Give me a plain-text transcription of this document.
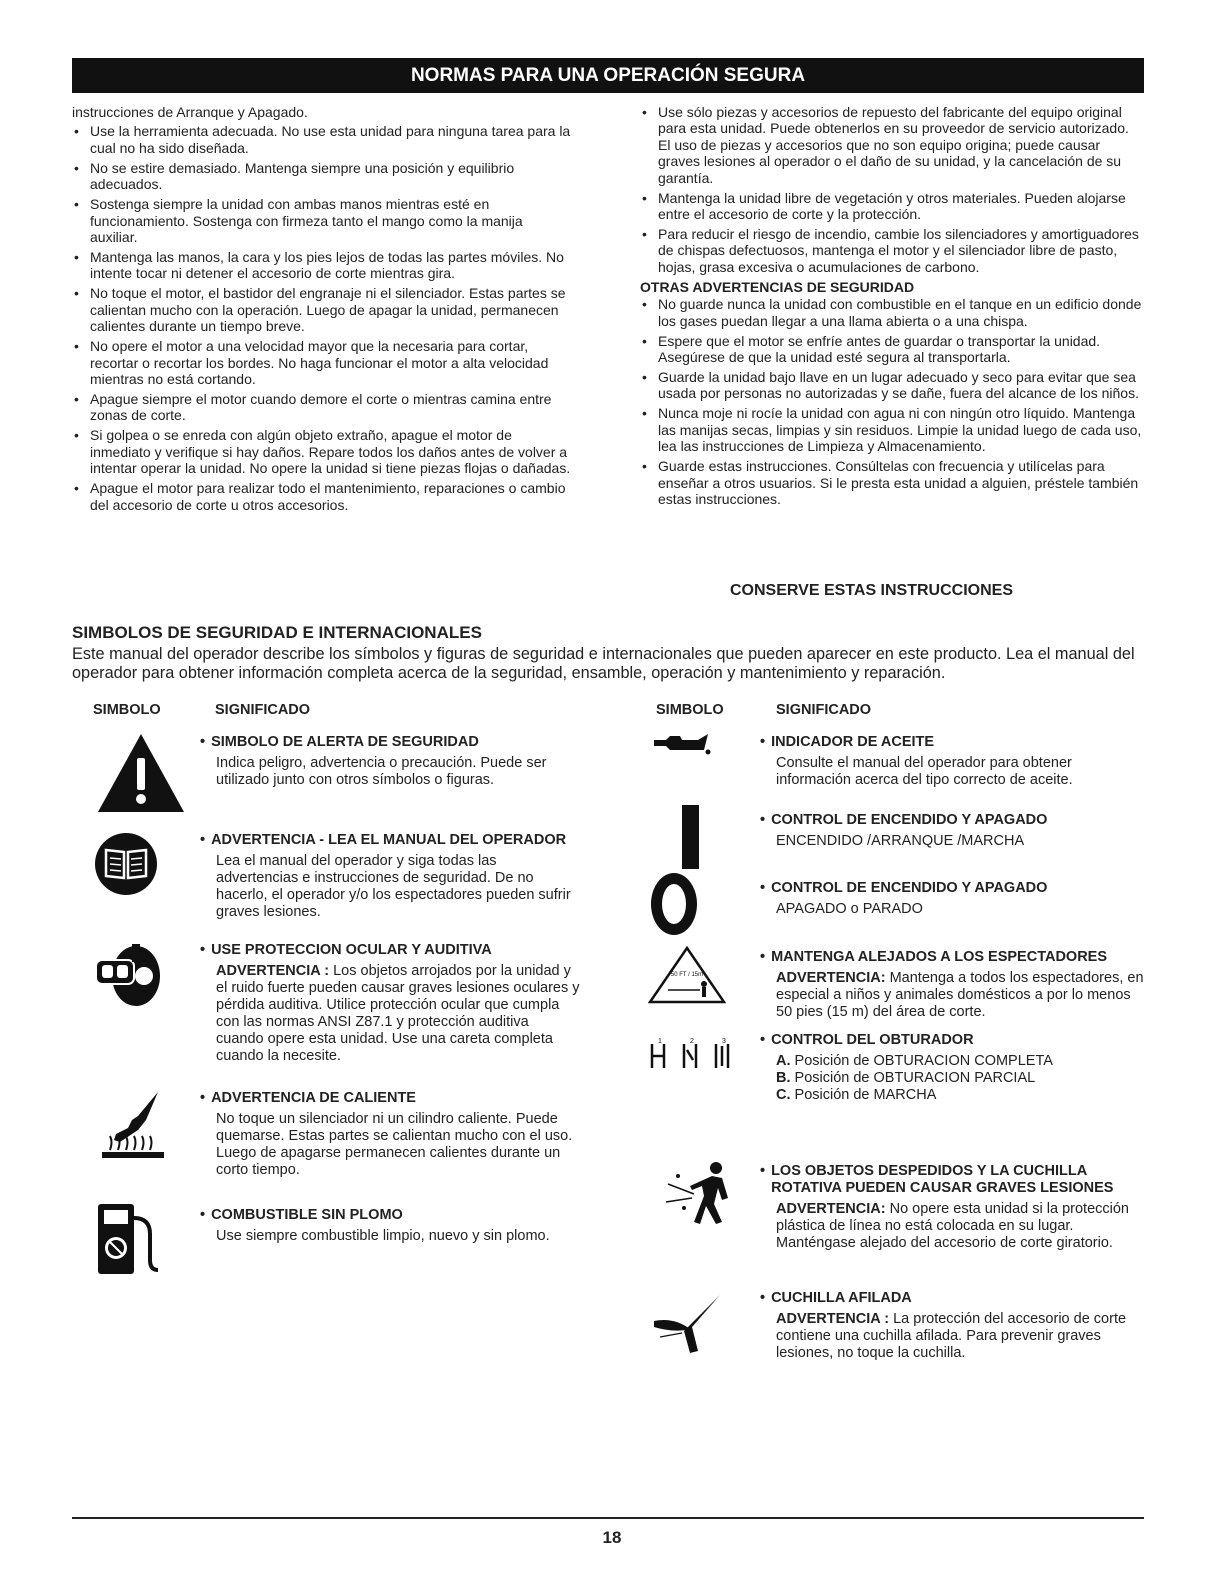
NORMAS PARA UNA OPERACIÓN SEGURA

instrucciones de Arranque y Apagado.

• Use la herramienta adecuada. No use esta unidad para ninguna tarea para la cual no ha sido diseñada.
• No se estire demasiado. Mantenga siempre una posición y equilibrio adecuados.
• Sostenga siempre la unidad con ambas manos mientras esté en funcionamiento. Sostenga con firmeza tanto el mango como la manija auxiliar.
• Mantenga las manos, la cara y los pies lejos de todas las partes móviles. No intente tocar ni detener el accesorio de corte mientras gira.
• No toque el motor, el bastidor del engranaje ni el silenciador. Estas partes se calientan mucho con la operación. Luego de apagar la unidad, permanecen calientes durante un tiempo breve.
• No opere el motor a una velocidad mayor que la necesaria para cortar, recortar o recortar los bordes. No haga funcionar el motor a alta velocidad mientras no está cortando.
• Apague siempre el motor cuando demore el corte o mientras camina entre zonas de corte.
• Si golpea o se enreda con algún objeto extraño, apague el motor de inmediato y verifique si hay daños. Repare todos los daños antes de volver a intentar operar la unidad. No opere la unidad si tiene piezas flojas o dañadas.
• Apague el motor para realizar todo el mantenimiento, reparaciones o cambio del accesorio de corte u otros accesorios.
• Use sólo piezas y accesorios de repuesto del fabricante del equipo original para esta unidad. Puede obtenerlos en su proveedor de servicio autorizado. El uso de piezas y accesorios que no son equipo origina; puede causar graves lesiones al operador o el daño de su unidad, y la cancelación de su garantía.
• Mantenga la unidad libre de vegetación y otros materiales. Pueden alojarse entre el accesorio de corte y la protección.
• Para reducir el riesgo de incendio, cambie los silenciadores y amortiguadores de chispas defectuosos, mantenga el motor y el silenciador libre de pasto, hojas, grasa excesiva o acumulaciones de carbono.
OTRAS ADVERTENCIAS DE SEGURIDAD
• No guarde nunca la unidad con combustible en el tanque en un edificio donde los gases puedan llegar a una llama abierta o a una chispa.
• Espere que el motor se enfríe antes de guardar o transportar la unidad. Asegúrese de que la unidad esté segura al transportarla.
• Guarde la unidad bajo llave en un lugar adecuado y seco para evitar que sea usada por personas no autorizadas y se dañe, fuera del alcance de los niños.
• Nunca moje ni rocíe la unidad con agua ni con ningún otro líquido. Mantenga las manijas secas, limpias y sin residuos. Limpie la unidad luego de cada uso, lea las instrucciones de Limpieza y Almacenamiento.
• Guarde estas instrucciones. Consúltelas con frecuencia y utilícelas para enseñar a otros usuarios. Si le presta esta unidad a alguien, préstele también estas instrucciones.
CONSERVE ESTAS INSTRUCCIONES
SIMBOLOS DE SEGURIDAD E INTERNACIONALES
Este manual del operador describe los símbolos y figuras de seguridad e internacionales que pueden aparecer en este producto. Lea el manual del operador para obtener información completa acerca de la seguridad, ensamble, operación y mantenimiento y reparación.
SIMBOLO	SIGNIFICADO	SIMBOLO	SIGNIFICADO
50 FT / 15m
1	2	3
• SIMBOLO DE ALERTA DE SEGURIDAD
Indica peligro, advertencia o precaución. Puede ser utilizado junto con otros símbolos o figuras.
• ADVERTENCIA - LEA EL MANUAL DEL OPERADOR
Lea el manual del operador y siga todas las advertencias e instrucciones de seguridad. De no hacerlo, el operador y/o los espectadores pueden sufrir graves lesiones.
• USE PROTECCION OCULAR Y AUDITIVA
ADVERTENCIA : Los objetos arrojados por la unidad y el ruido fuerte pueden causar graves lesiones oculares y pérdida auditiva. Utilice protección ocular que cumpla con las normas ANSI Z87.1 y protección auditiva cuando opere esta unidad. Use una careta completa cuando la necesite.
• ADVERTENCIA DE CALIENTE
No toque un silenciador ni un cilindro caliente. Puede quemarse. Estas partes se calientan mucho con el uso. Luego de apagarse permanecen calientes durante un corto tiempo.
• COMBUSTIBLE SIN PLOMO
Use siempre combustible limpio, nuevo y sin plomo.
• INDICADOR DE ACEITE
Consulte el manual del operador para obtener información acerca del tipo correcto de aceite.
• CONTROL DE ENCENDIDO Y APAGADO
ENCENDIDO /ARRANQUE /MARCHA
• CONTROL DE ENCENDIDO Y APAGADO
APAGADO o PARADO
• MANTENGA ALEJADOS A LOS ESPECTADORES
ADVERTENCIA: Mantenga a todos los espectadores, en especial a niños y animales domésticos a por lo menos 50 pies (15 m) del área de corte.
• CONTROL DEL OBTURADOR
A. Posición de OBTURACION COMPLETA
B. Posición de OBTURACION PARCIAL
C. Posición de MARCHA
• LOS OBJETOS DESPEDIDOS Y LA CUCHILLA ROTATIVA PUEDEN CAUSAR GRAVES LESIONES
ADVERTENCIA: No opere esta unidad si la protección plástica de línea no está colocada en su lugar. Manténgase alejado del accesorio de corte giratorio.
• CUCHILLA AFILADA
ADVERTENCIA : La protección del accesorio de corte contiene una cuchilla afilada. Para prevenir graves lesiones, no toque la cuchilla.
18
